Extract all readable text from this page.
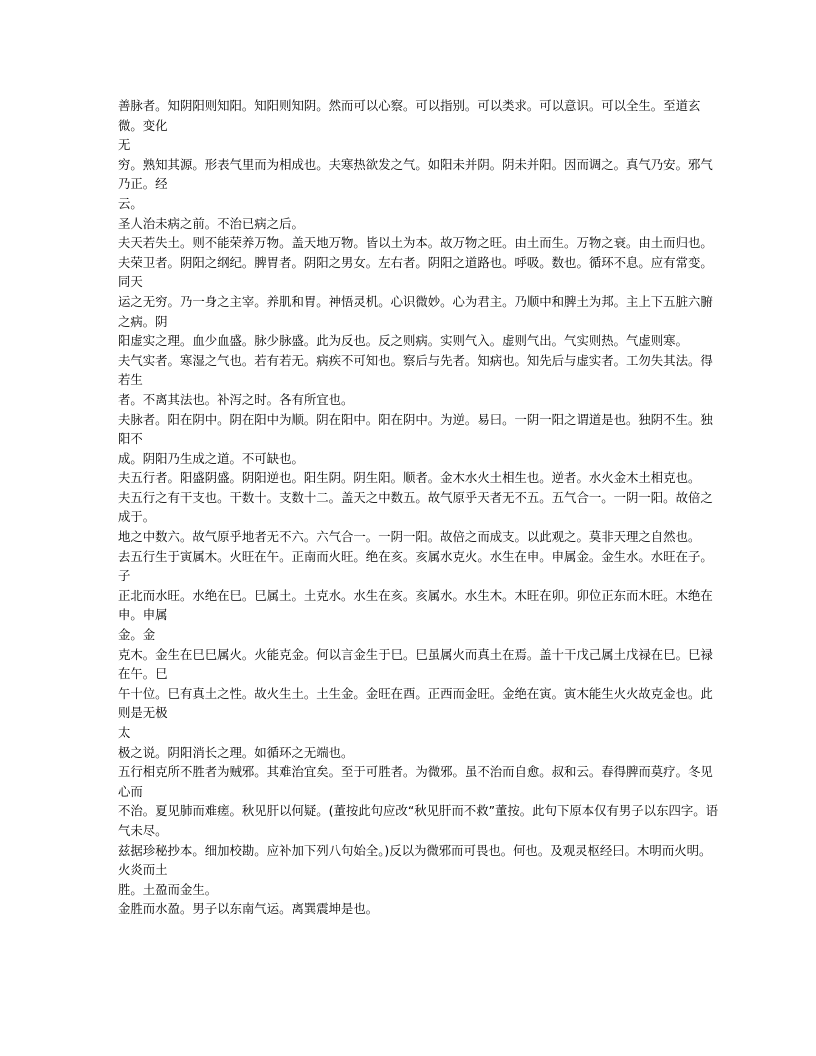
善脉者。知阴阳则知阳。知阳则知阴。然而可以心察。可以指别。可以类求。可以意识。可以全生。至道玄微。变化

无

穷。熟知其源。形表气里而为相成也。夫寒热欲发之气。如阳未并阴。阴未并阳。因而调之。真气乃安。邪气乃正。经

云。

圣人治未病之前。不治已病之后。

夫天若失土。则不能荣养万物。盖天地万物。皆以土为本。故万物之旺。由土而生。万物之衰。由土而归也。

夫荣卫者。阴阳之纲纪。脾胃者。阴阳之男女。左右者。阴阳之道路也。呼吸。数也。循环不息。应有常变。同天

运之无穷。乃一身之主宰。养肌和胃。神悟灵机。心识微妙。心为君主。乃顺中和脾土为邦。主上下五脏六腑之病。阴

阳虚实之理。血少血盛。脉少脉盛。此为反也。反之则病。实则气入。虚则气出。气实则热。气虚则寒。

夫气实者。寒湿之气也。若有若无。病疾不可知也。察后与先者。知病也。知先后与虚实者。工勿失其法。得若生

者。不离其法也。补泻之时。各有所宜也。

夫脉者。阳在阴中。阴在阳中为顺。阴在阳中。阳在阴中。为逆。易曰。一阴一阳之谓道是也。独阴不生。独阳不

成。阴阳乃生成之道。不可缺也。

夫五行者。阳盛阴盛。阴阳逆也。阳生阴。阴生阳。顺者。金木水火土相生也。逆者。水火金木土相克也。

夫五行之有干支也。干数十。支数十二。盖天之中数五。故气原乎天者无不五。五气合一。一阴一阳。故倍之成于。

地之中数六。故气原乎地者无不六。六气合一。一阴一阳。故倍之而成支。以此观之。莫非天理之自然也。

去五行生于寅属木。火旺在午。正南而火旺。绝在亥。亥属水克火。水生在申。申属金。金生水。水旺在子。子

正北而水旺。水绝在巳。巳属土。土克水。水生在亥。亥属水。水生木。木旺在卯。卯位正东而木旺。木绝在申。申属

金。金

克木。金生在巳巳属火。火能克金。何以言金生于巳。巳虽属火而真土在焉。盖十干戊己属土戊禄在巳。巳禄在午。巳

午十位。巳有真土之性。故火生土。土生金。金旺在酉。正西而金旺。金绝在寅。寅木能生火火故克金也。此则是无极

太

极之说。阴阳消长之理。如循环之无端也。

五行相克所不胜者为贼邪。其难治宜矣。至于可胜者。为微邪。虽不治而自愈。叔和云。春得脾而莫疗。冬见心而

不治。夏见肺而难瘥。秋见肝以何疑。(董按此句应改“秋见肝而不救”董按。此句下原本仅有男子以东四字。语气未尽。

兹据珍秘抄本。细加校勘。应补加下列八句始全。)反以为微邪而可畏也。何也。及观灵枢经曰。木明而火明。火炎而土

胜。土盈而金生。

金胜而水盈。男子以东南气运。离巽震坤是也。
